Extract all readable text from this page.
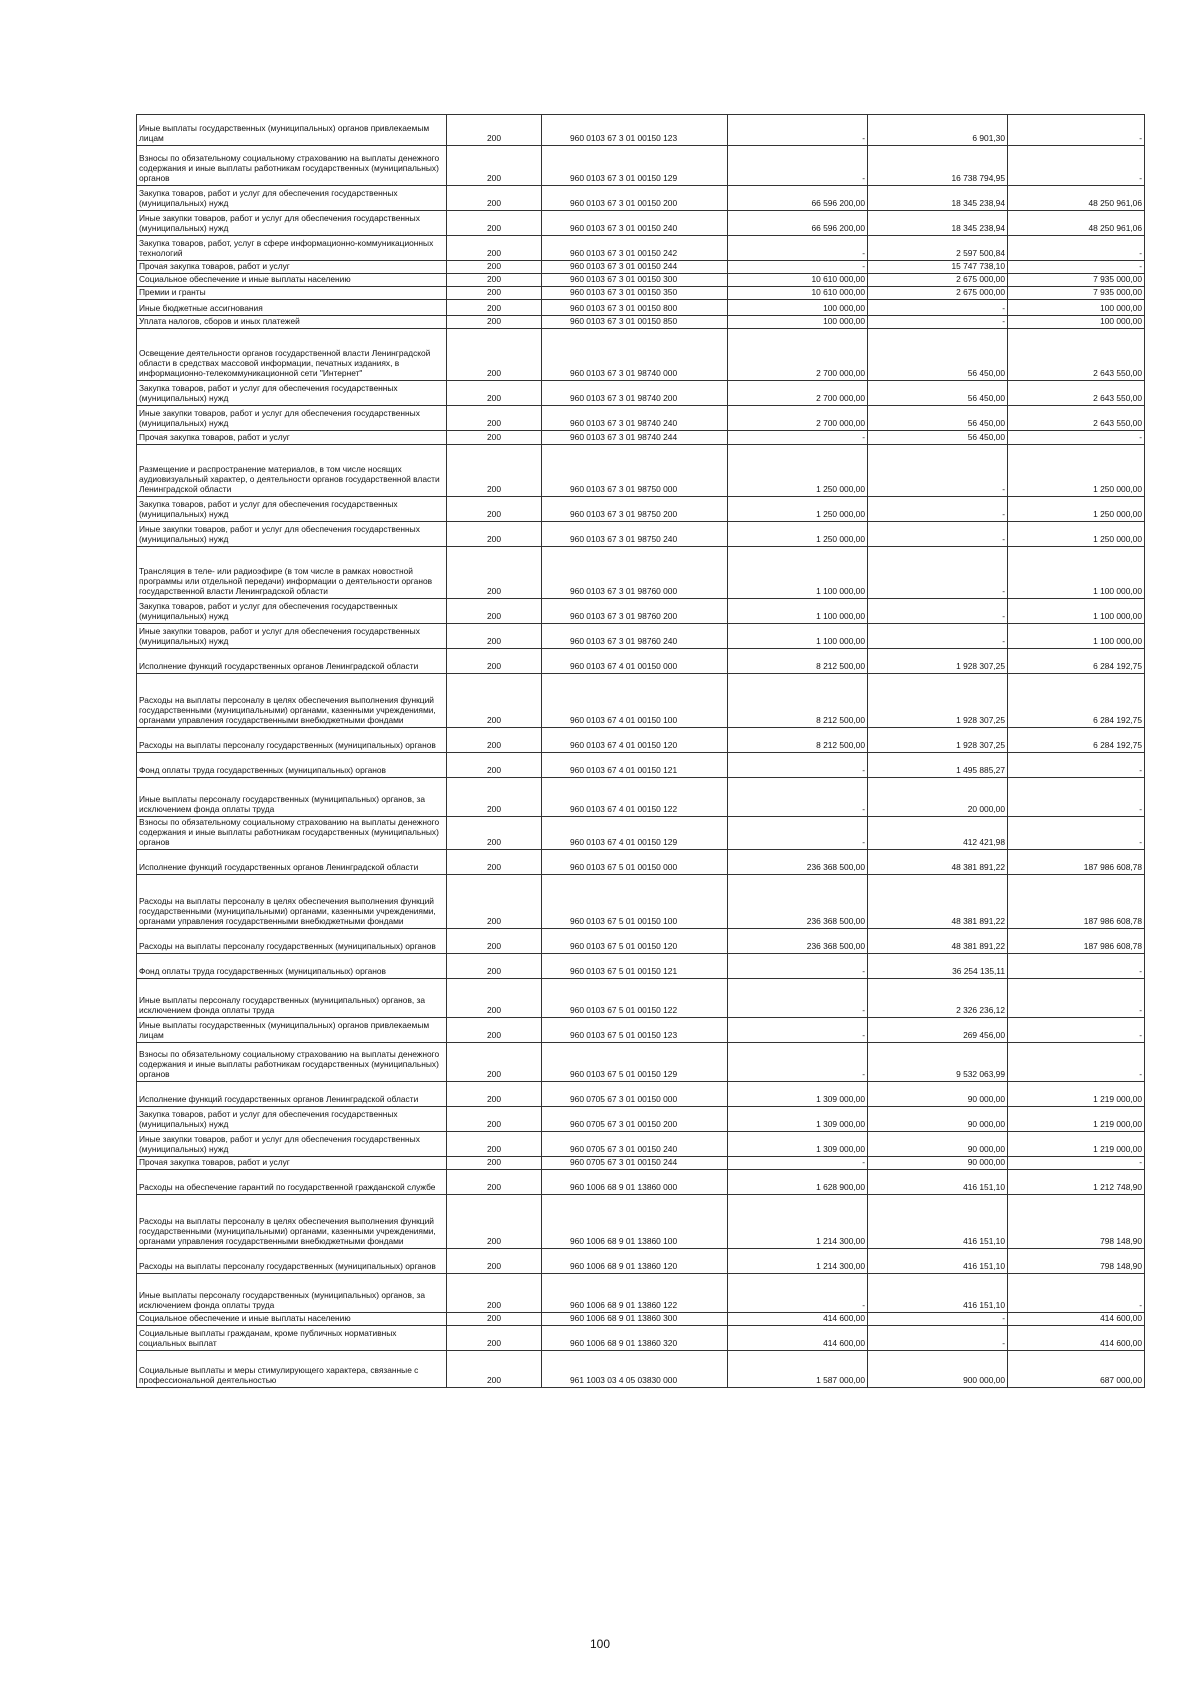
Иные выплаты государственных (муниципальных) органов привлекаемым лицам	200	960 0103 67 3 01 00150 123	-	6 901,30	-
Взносы по обязательному социальному страхованию на выплаты денежного содержания и иные выплаты работникам государственных (муниципальных) органов	200	960 0103 67 3 01 00150 129	-	16 738 794,95	-
Закупка товаров, работ и услуг для обеспечения государственных (муниципальных) нужд	200	960 0103 67 3 01 00150 200	66 596 200,00	18 345 238,94	48 250 961,06
Иные закупки товаров, работ и услуг для обеспечения государственных (муниципальных) нужд	200	960 0103 67 3 01 00150 240	66 596 200,00	18 345 238,94	48 250 961,06
Закупка товаров, работ, услуг в сфере информационно-коммуникационных технологий	200	960 0103 67 3 01 00150 242	-	2 597 500,84	-
Прочая закупка товаров, работ и услуг	200	960 0103 67 3 01 00150 244	-	15 747 738,10	-
Социальное обеспечение и иные выплаты населению	200	960 0103 67 3 01 00150 300	10 610 000,00	2 675 000,00	7 935 000,00
Премии и гранты	200	960 0103 67 3 01 00150 350	10 610 000,00	2 675 000,00	7 935 000,00
Иные бюджетные ассигнования	200	960 0103 67 3 01 00150 800	100 000,00	-	100 000,00
Уплата налогов, сборов и иных платежей	200	960 0103 67 3 01 00150 850	100 000,00	-	100 000,00
Освещение деятельности органов государственной власти Ленинградской области в средствах массовой информации, печатных изданиях, в информационно-телекоммуникационной сети "Интернет"	200	960 0103 67 3 01 98740 000	2 700 000,00	56 450,00	2 643 550,00
Закупка товаров, работ и услуг для обеспечения государственных (муниципальных) нужд	200	960 0103 67 3 01 98740 200	2 700 000,00	56 450,00	2 643 550,00
Иные закупки товаров, работ и услуг для обеспечения государственных (муниципальных) нужд	200	960 0103 67 3 01 98740 240	2 700 000,00	56 450,00	2 643 550,00
Прочая закупка товаров, работ и услуг	200	960 0103 67 3 01 98740 244	-	56 450,00	-
Размещение и распространение материалов, в том числе носящих аудиовизуальный характер, о деятельности органов государственной власти Ленинградской области	200	960 0103 67 3 01 98750 000	1 250 000,00	-	1 250 000,00
Закупка товаров, работ и услуг для обеспечения государственных (муниципальных) нужд	200	960 0103 67 3 01 98750 200	1 250 000,00	-	1 250 000,00
Иные закупки товаров, работ и услуг для обеспечения государственных (муниципальных) нужд	200	960 0103 67 3 01 98750 240	1 250 000,00	-	1 250 000,00
Трансляция в теле- или радиоэфире (в том числе в рамках новостной программы или отдельной передачи) информации о деятельности органов государственной власти Ленинградской области	200	960 0103 67 3 01 98760 000	1 100 000,00	-	1 100 000,00
Закупка товаров, работ и услуг для обеспечения государственных (муниципальных) нужд	200	960 0103 67 3 01 98760 200	1 100 000,00	-	1 100 000,00
Иные закупки товаров, работ и услуг для обеспечения государственных (муниципальных) нужд	200	960 0103 67 3 01 98760 240	1 100 000,00	-	1 100 000,00
Исполнение функций государственных органов Ленинградской области	200	960 0103 67 4 01 00150 000	8 212 500,00	1 928 307,25	6 284 192,75
Расходы на выплаты персоналу в целях обеспечения выполнения функций государственными (муниципальными) органами, казенными учреждениями, органами управления государственными внебюджетными фондами	200	960 0103 67 4 01 00150 100	8 212 500,00	1 928 307,25	6 284 192,75
Расходы на выплаты персоналу государственных (муниципальных) органов	200	960 0103 67 4 01 00150 120	8 212 500,00	1 928 307,25	6 284 192,75
Фонд оплаты труда государственных (муниципальных) органов	200	960 0103 67 4 01 00150 121	-	1 495 885,27	-
Иные выплаты персоналу государственных (муниципальных) органов, за исключением фонда оплаты труда	200	960 0103 67 4 01 00150 122	-	20 000,00	-
Взносы по обязательному социальному страхованию на выплаты денежного содержания и иные выплаты работникам государственных (муниципальных) органов	200	960 0103 67 4 01 00150 129	-	412 421,98	-
Исполнение функций государственных органов Ленинградской области	200	960 0103 67 5 01 00150 000	236 368 500,00	48 381 891,22	187 986 608,78
Расходы на выплаты персоналу в целях обеспечения выполнения функций государственными (муниципальными) органами, казенными учреждениями, органами управления государственными внебюджетными фондами	200	960 0103 67 5 01 00150 100	236 368 500,00	48 381 891,22	187 986 608,78
Расходы на выплаты персоналу государственных (муниципальных) органов	200	960 0103 67 5 01 00150 120	236 368 500,00	48 381 891,22	187 986 608,78
Фонд оплаты труда государственных (муниципальных) органов	200	960 0103 67 5 01 00150 121	-	36 254 135,11	-
Иные выплаты персоналу государственных (муниципальных) органов, за исключением фонда оплаты труда	200	960 0103 67 5 01 00150 122	-	2 326 236,12	-
Иные выплаты государственных (муниципальных) органов привлекаемым лицам	200	960 0103 67 5 01 00150 123	-	269 456,00	-
Взносы по обязательному социальному страхованию на выплаты денежного содержания и иные выплаты работникам государственных (муниципальных) органов	200	960 0103 67 5 01 00150 129	-	9 532 063,99	-
Исполнение функций государственных органов Ленинградской области	200	960 0705 67 3 01 00150 000	1 309 000,00	90 000,00	1 219 000,00
Закупка товаров, работ и услуг для обеспечения государственных (муниципальных) нужд	200	960 0705 67 3 01 00150 200	1 309 000,00	90 000,00	1 219 000,00
Иные закупки товаров, работ и услуг для обеспечения государственных (муниципальных) нужд	200	960 0705 67 3 01 00150 240	1 309 000,00	90 000,00	1 219 000,00
Прочая закупка товаров, работ и услуг	200	960 0705 67 3 01 00150 244	-	90 000,00	-
Расходы на обеспечение гарантий по государственной гражданской службе	200	960 1006 68 9 01 13860 000	1 628 900,00	416 151,10	1 212 748,90
Расходы на выплаты персоналу в целях обеспечения выполнения функций государственными (муниципальными) органами, казенными учреждениями, органами управления государственными внебюджетными фондами	200	960 1006 68 9 01 13860 100	1 214 300,00	416 151,10	798 148,90
Расходы на выплаты персоналу государственных (муниципальных) органов	200	960 1006 68 9 01 13860 120	1 214 300,00	416 151,10	798 148,90
Иные выплаты персоналу государственных (муниципальных) органов, за исключением фонда оплаты труда	200	960 1006 68 9 01 13860 122	-	416 151,10	-
Социальное обеспечение и иные выплаты населению	200	960 1006 68 9 01 13860 300	414 600,00	-	414 600,00
Социальные выплаты гражданам, кроме публичных нормативных социальных выплат	200	960 1006 68 9 01 13860 320	414 600,00	-	414 600,00
Социальные выплаты и меры стимулирующего характера, связанные с профессиональной деятельностью	200	961 1003 03 4 05 03830 000	1 587 000,00	900 000,00	687 000,00
100
